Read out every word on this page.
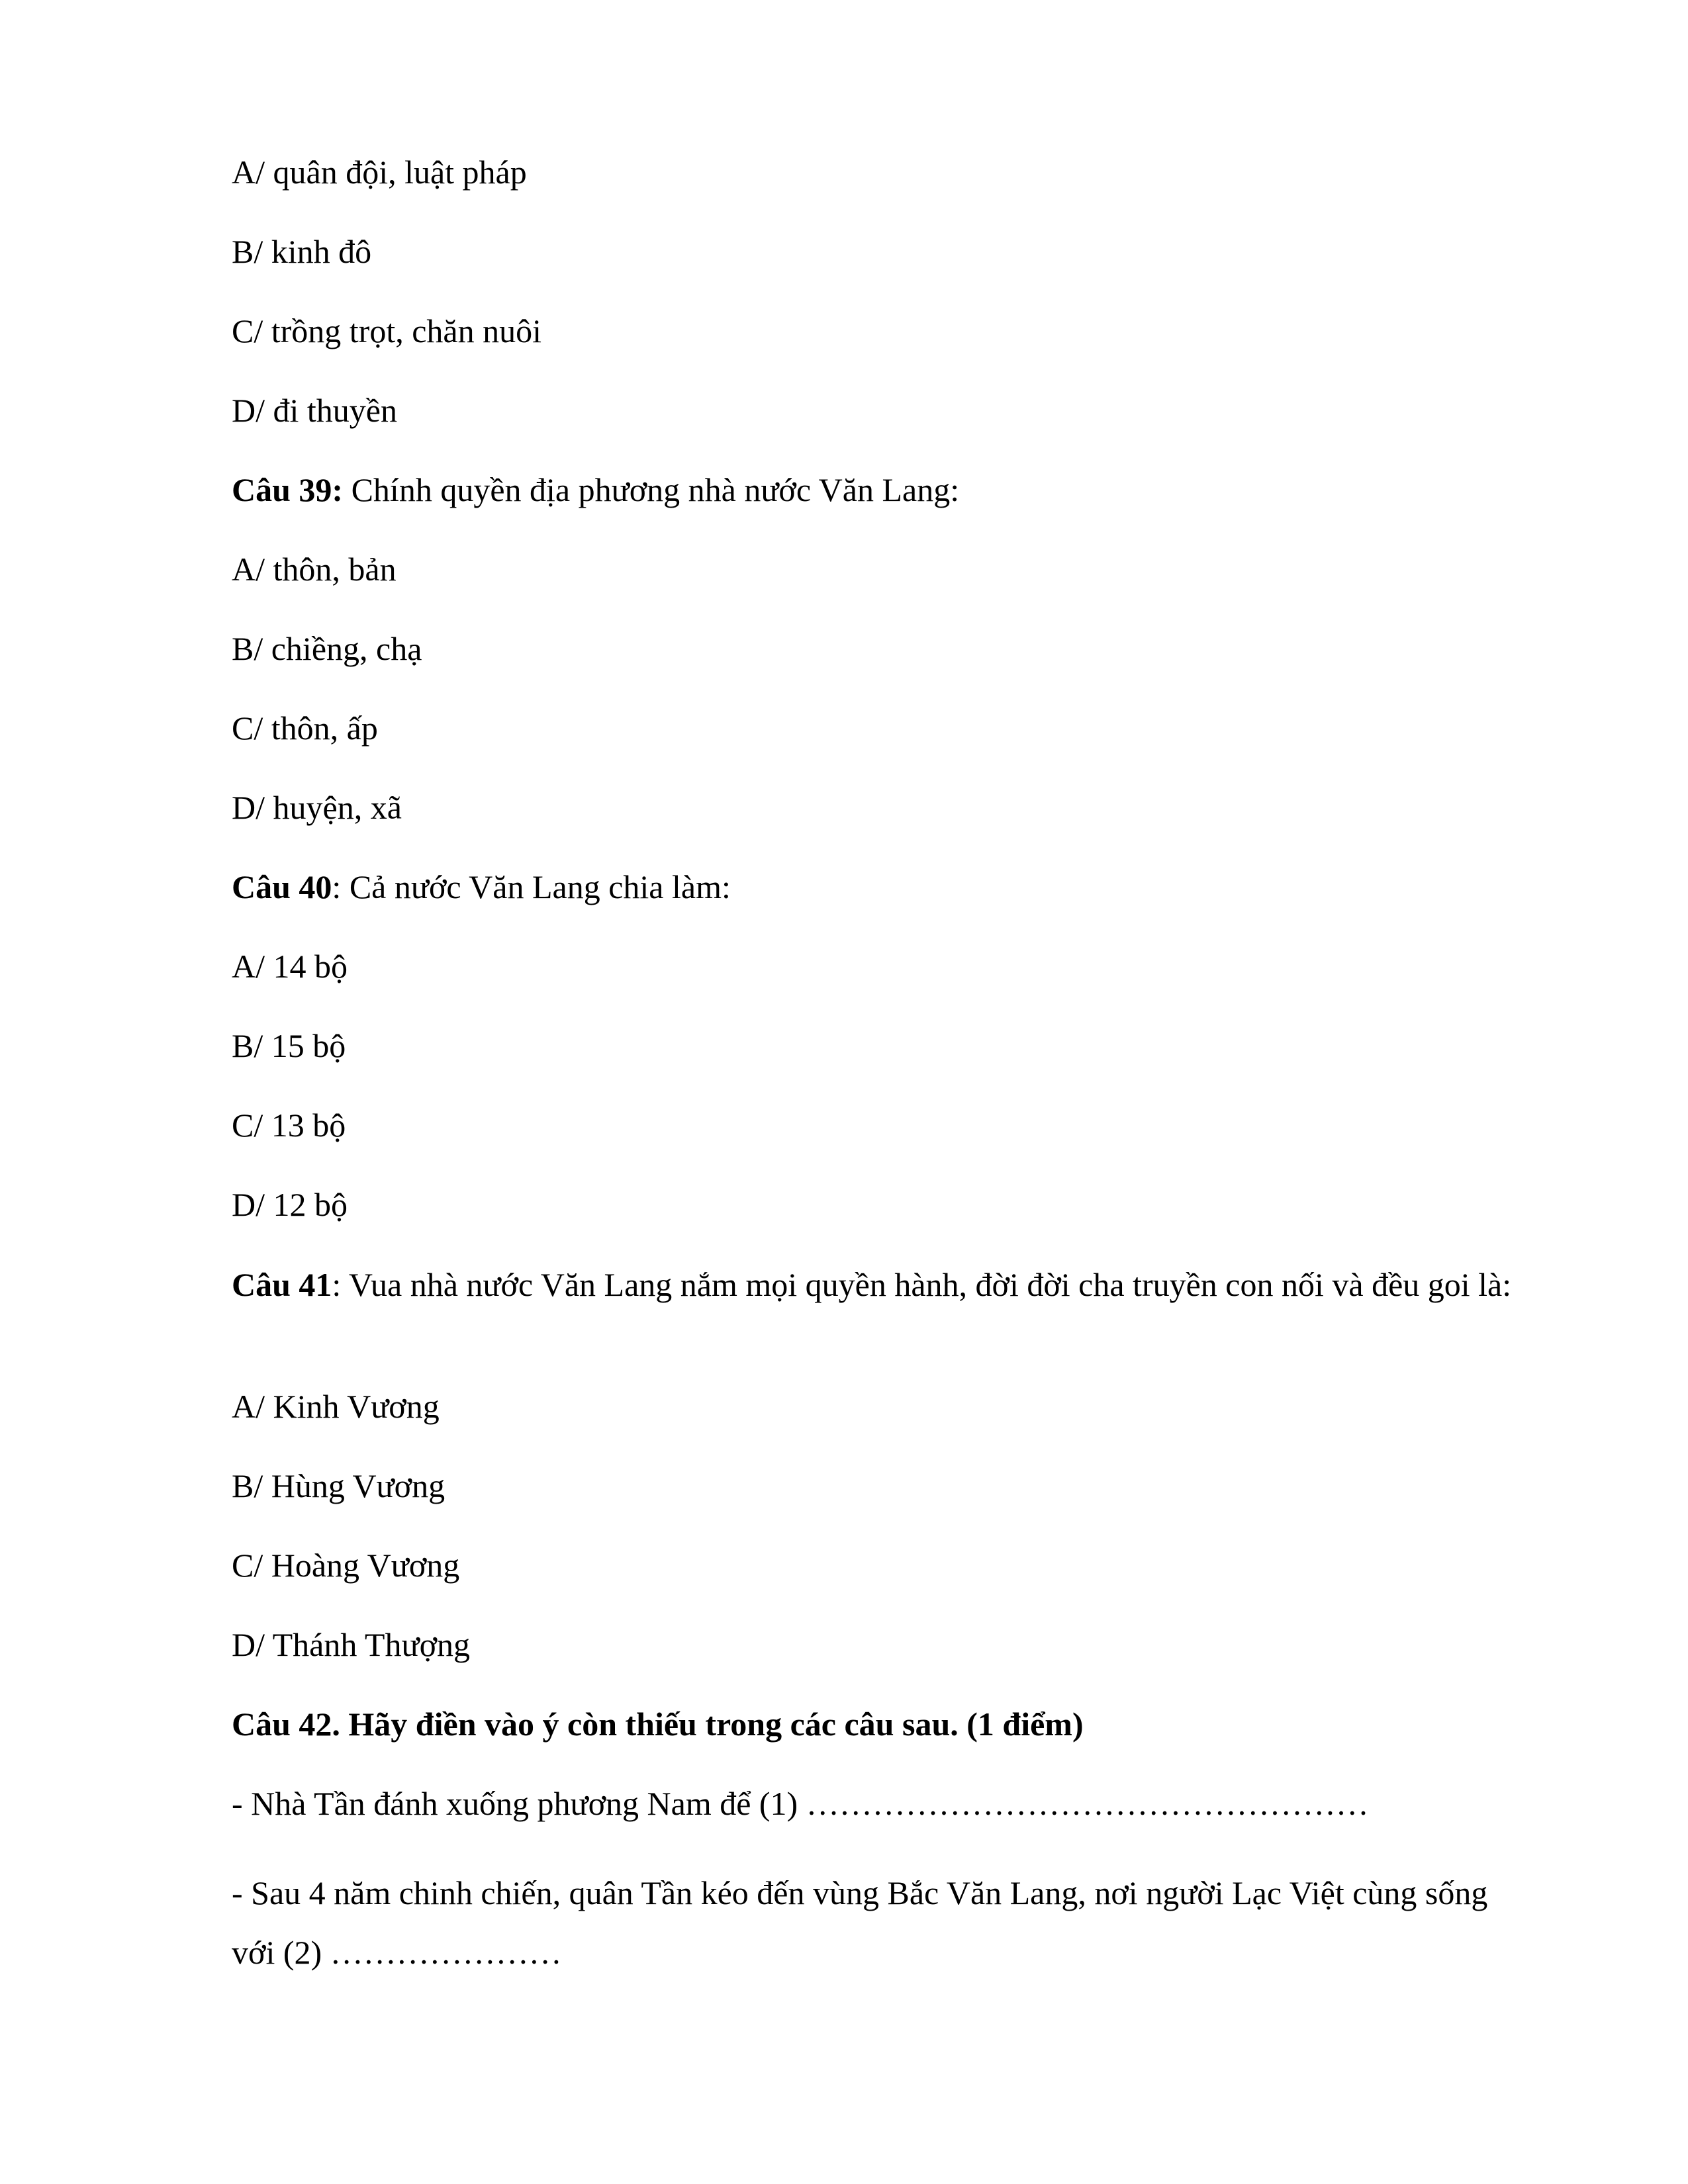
A/ quân đội, luật pháp
B/ kinh đô
C/ trồng trọt, chăn nuôi
D/ đi thuyền
Câu 39: Chính quyền địa phương nhà nước Văn Lang:
A/ thôn, bản
B/ chiềng, chạ
C/ thôn, ấp
D/ huyện, xã
Câu 40: Cả nước Văn Lang chia làm:
A/ 14 bộ
B/ 15 bộ
C/ 13 bộ
D/ 12 bộ
Câu 41: Vua nhà nước Văn Lang nắm mọi quyền hành, đời đời cha truyền con nối và đều goi là:
A/ Kinh Vương
B/ Hùng Vương
C/ Hoàng Vương
D/ Thánh Thượng
Câu 42. Hãy điền vào ý còn thiếu trong các câu sau. (1 điểm)
- Nhà Tần đánh xuống phương Nam để (1) ……………………………………………
- Sau 4 năm chinh chiến, quân Tần kéo đến vùng Bắc Văn Lang, nơi người Lạc Việt cùng sống với (2) …………………
